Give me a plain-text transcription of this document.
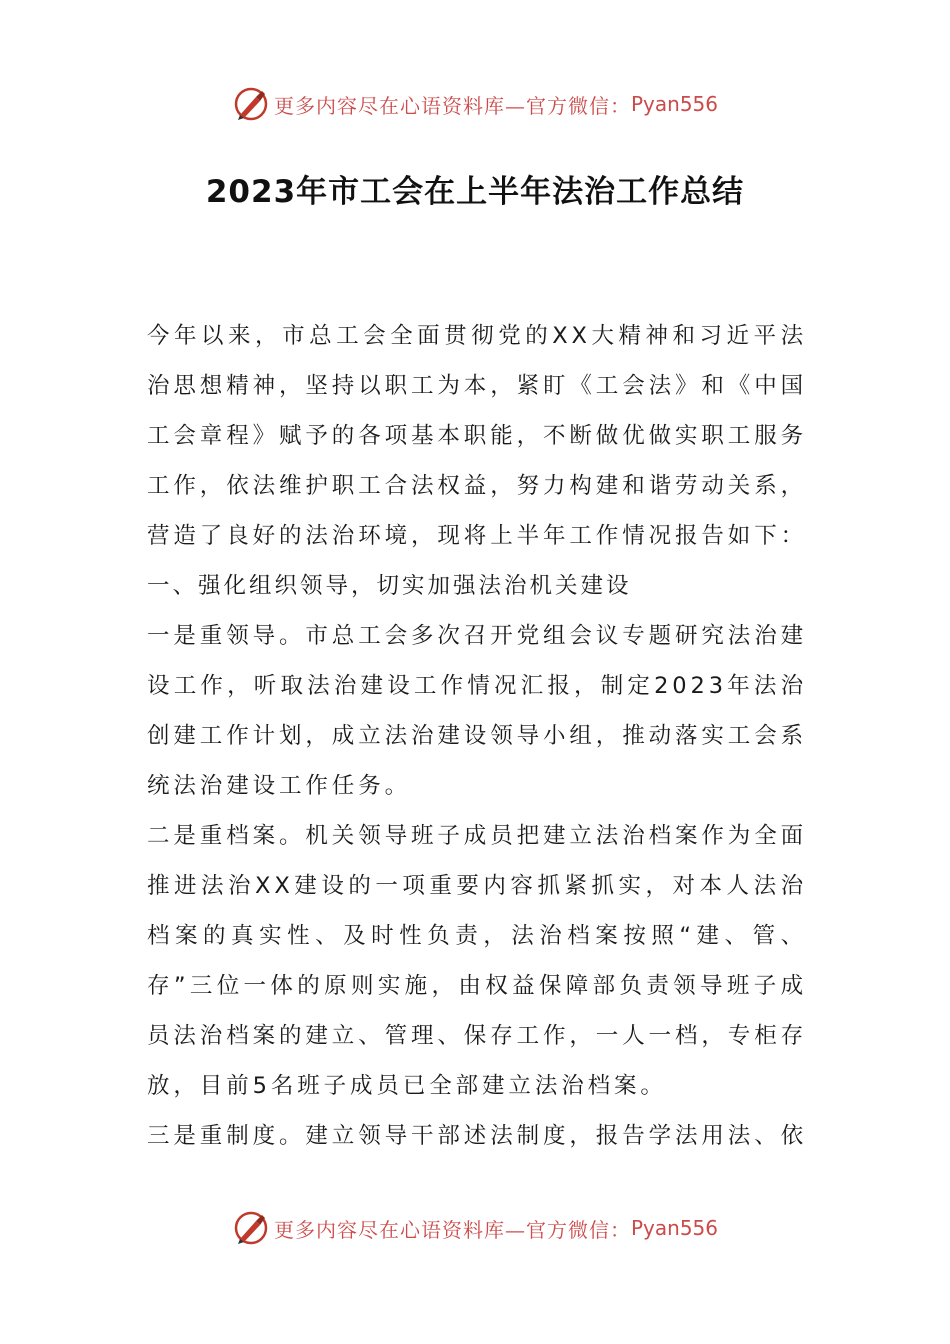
更多内容尽在心语资料库—官方微信： Pyan556
2023年市工会在上半年法治工作总结

今年以来，市总工会全面贯彻党的XX大精神和习近平法治思想精神，坚持以职工为本，紧盯《工会法》和《中国工会章程》赋予的各项基本职能，不断做优做实职工服务工作，依法维护职工合法权益，努力构建和谐劳动关系，营造了良好的法治环境，现将上半年工作情况报告如下：

一、强化组织领导，切实加强法治机关建设

一是重领导。市总工会多次召开党组会议专题研究法治建设工作，听取法治建设工作情况汇报，制定2023年法治创建工作计划，成立法治建设领导小组，推动落实工会系统法治建设工作任务。

二是重档案。机关领导班子成员把建立法治档案作为全面推进法治XX建设的一项重要内容抓紧抓实，对本人法治档案的真实性、及时性负责，法治档案按照“建、管、存”三位一体的原则实施，由权益保障部负责领导班子成员法治档案的建立、管理、保存工作，一人一档，专柜存放，目前5名班子成员已全部建立法治档案。

三是重制度。建立领导干部述法制度，报告学法用法、依

更多内容尽在心语资料库—官方微信： Pyan556
